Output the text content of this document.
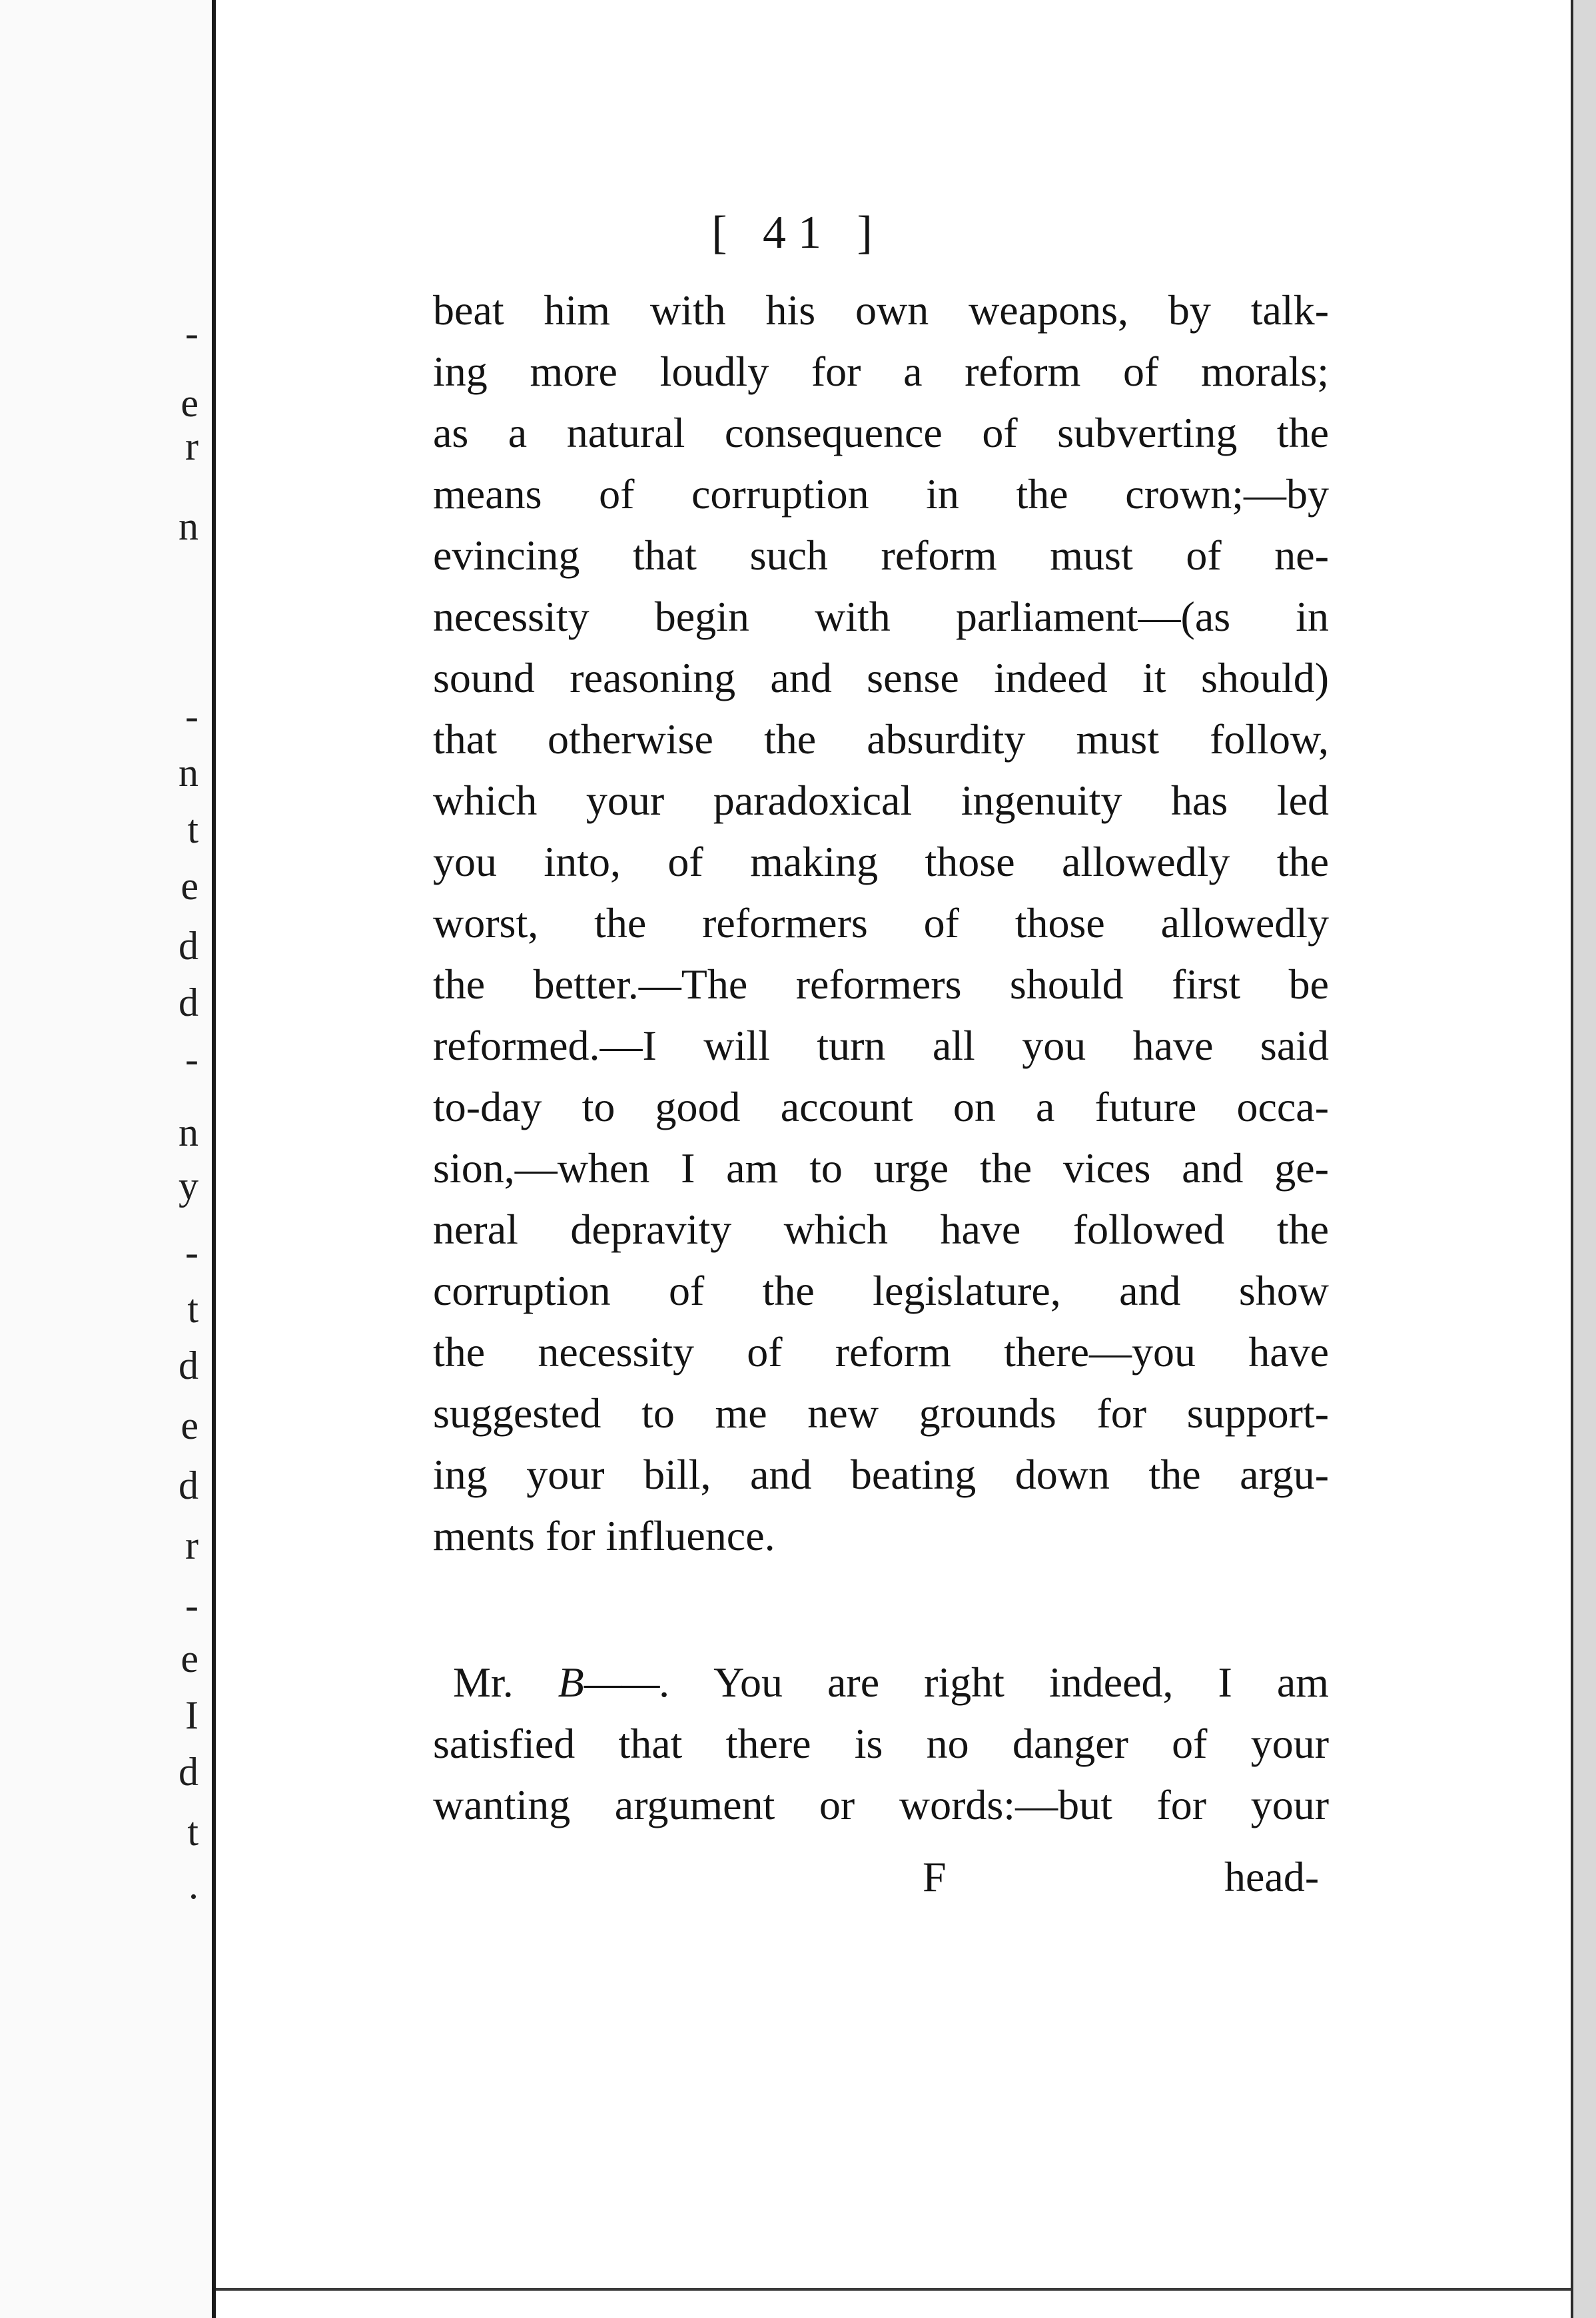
-
e
r
n
-
n
t
e
d
d
-
n
y
-
t
d
e
d
r
-
e
I
d
t
.
[ 41 ]
beat him with his own weapons, by talk-
ing more loudly for a reform of morals;
as a natural consequence of subverting the
means of corruption in the crown;—by
evincing that such reform must of ne-
necessity begin with parliament—(as in
sound reasoning and sense indeed it should)
that otherwise the absurdity must follow,
which your paradoxical ingenuity has led
you into, of making those allowedly the
worst, the reformers of those allowedly
the better.—The reformers should first be
reformed.—I will turn all you have said
to-day to good account on a future occa-
sion,—when I am to urge the vices and ge-
neral depravity which have followed the
corruption of the legislature, and show
the necessity of reform there—you have
suggested to me new grounds for support-
ing your bill, and beating down the argu-
ments for influence.
Mr. B——. You are right indeed, I am
satisfied that there is no danger of your
wanting argument or words:—but for your
F	head-
